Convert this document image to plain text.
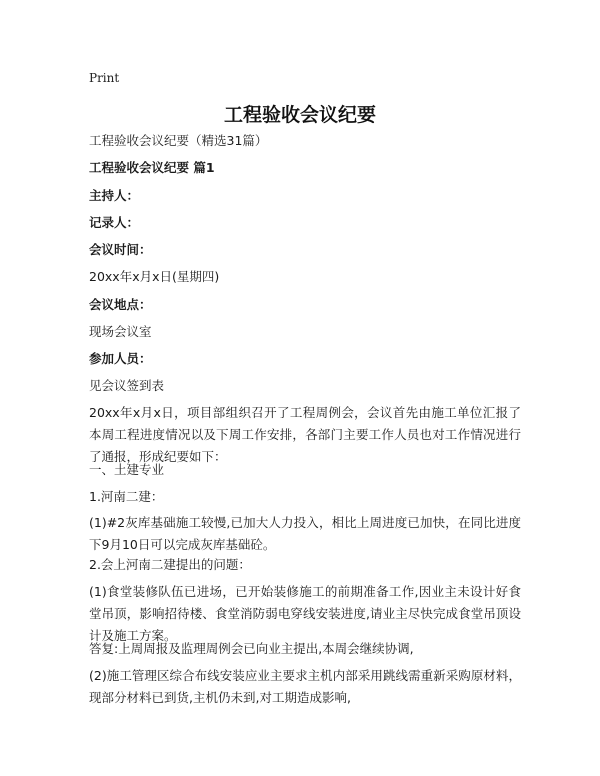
Print
工程验收会议纪要
工程验收会议纪要（精选31篇）
工程验收会议纪要 篇1
主持人：
记录人：
会议时间：
20xx年x月x日(星期四)
会议地点：
现场会议室
参加人员：
见会议签到表
20xx年x月x日，项目部组织召开了工程周例会，会议首先由施工单位汇报了本周工程进度情况以及下周工作安排，各部门主要工作人员也对工作情况进行了通报，形成纪要如下：
一、土建专业
1.河南二建：
(1)#2灰库基础施工较慢,已加大人力投入，相比上周进度已加快，在同比进度下9月10日可以完成灰库基础砼。
2.会上河南二建提出的问题：
(1)食堂装修队伍已进场，已开始装修施工的前期准备工作,因业主未设计好食堂吊顶，影响招待楼、食堂消防弱电穿线安装进度,请业主尽快完成食堂吊顶设计及施工方案。
答复:上周周报及监理周例会已向业主提出,本周会继续协调,
(2)施工管理区综合布线安装应业主要求主机内部采用跳线需重新采购原材料，现部分材料已到货,主机仍未到,对工期造成影响,
